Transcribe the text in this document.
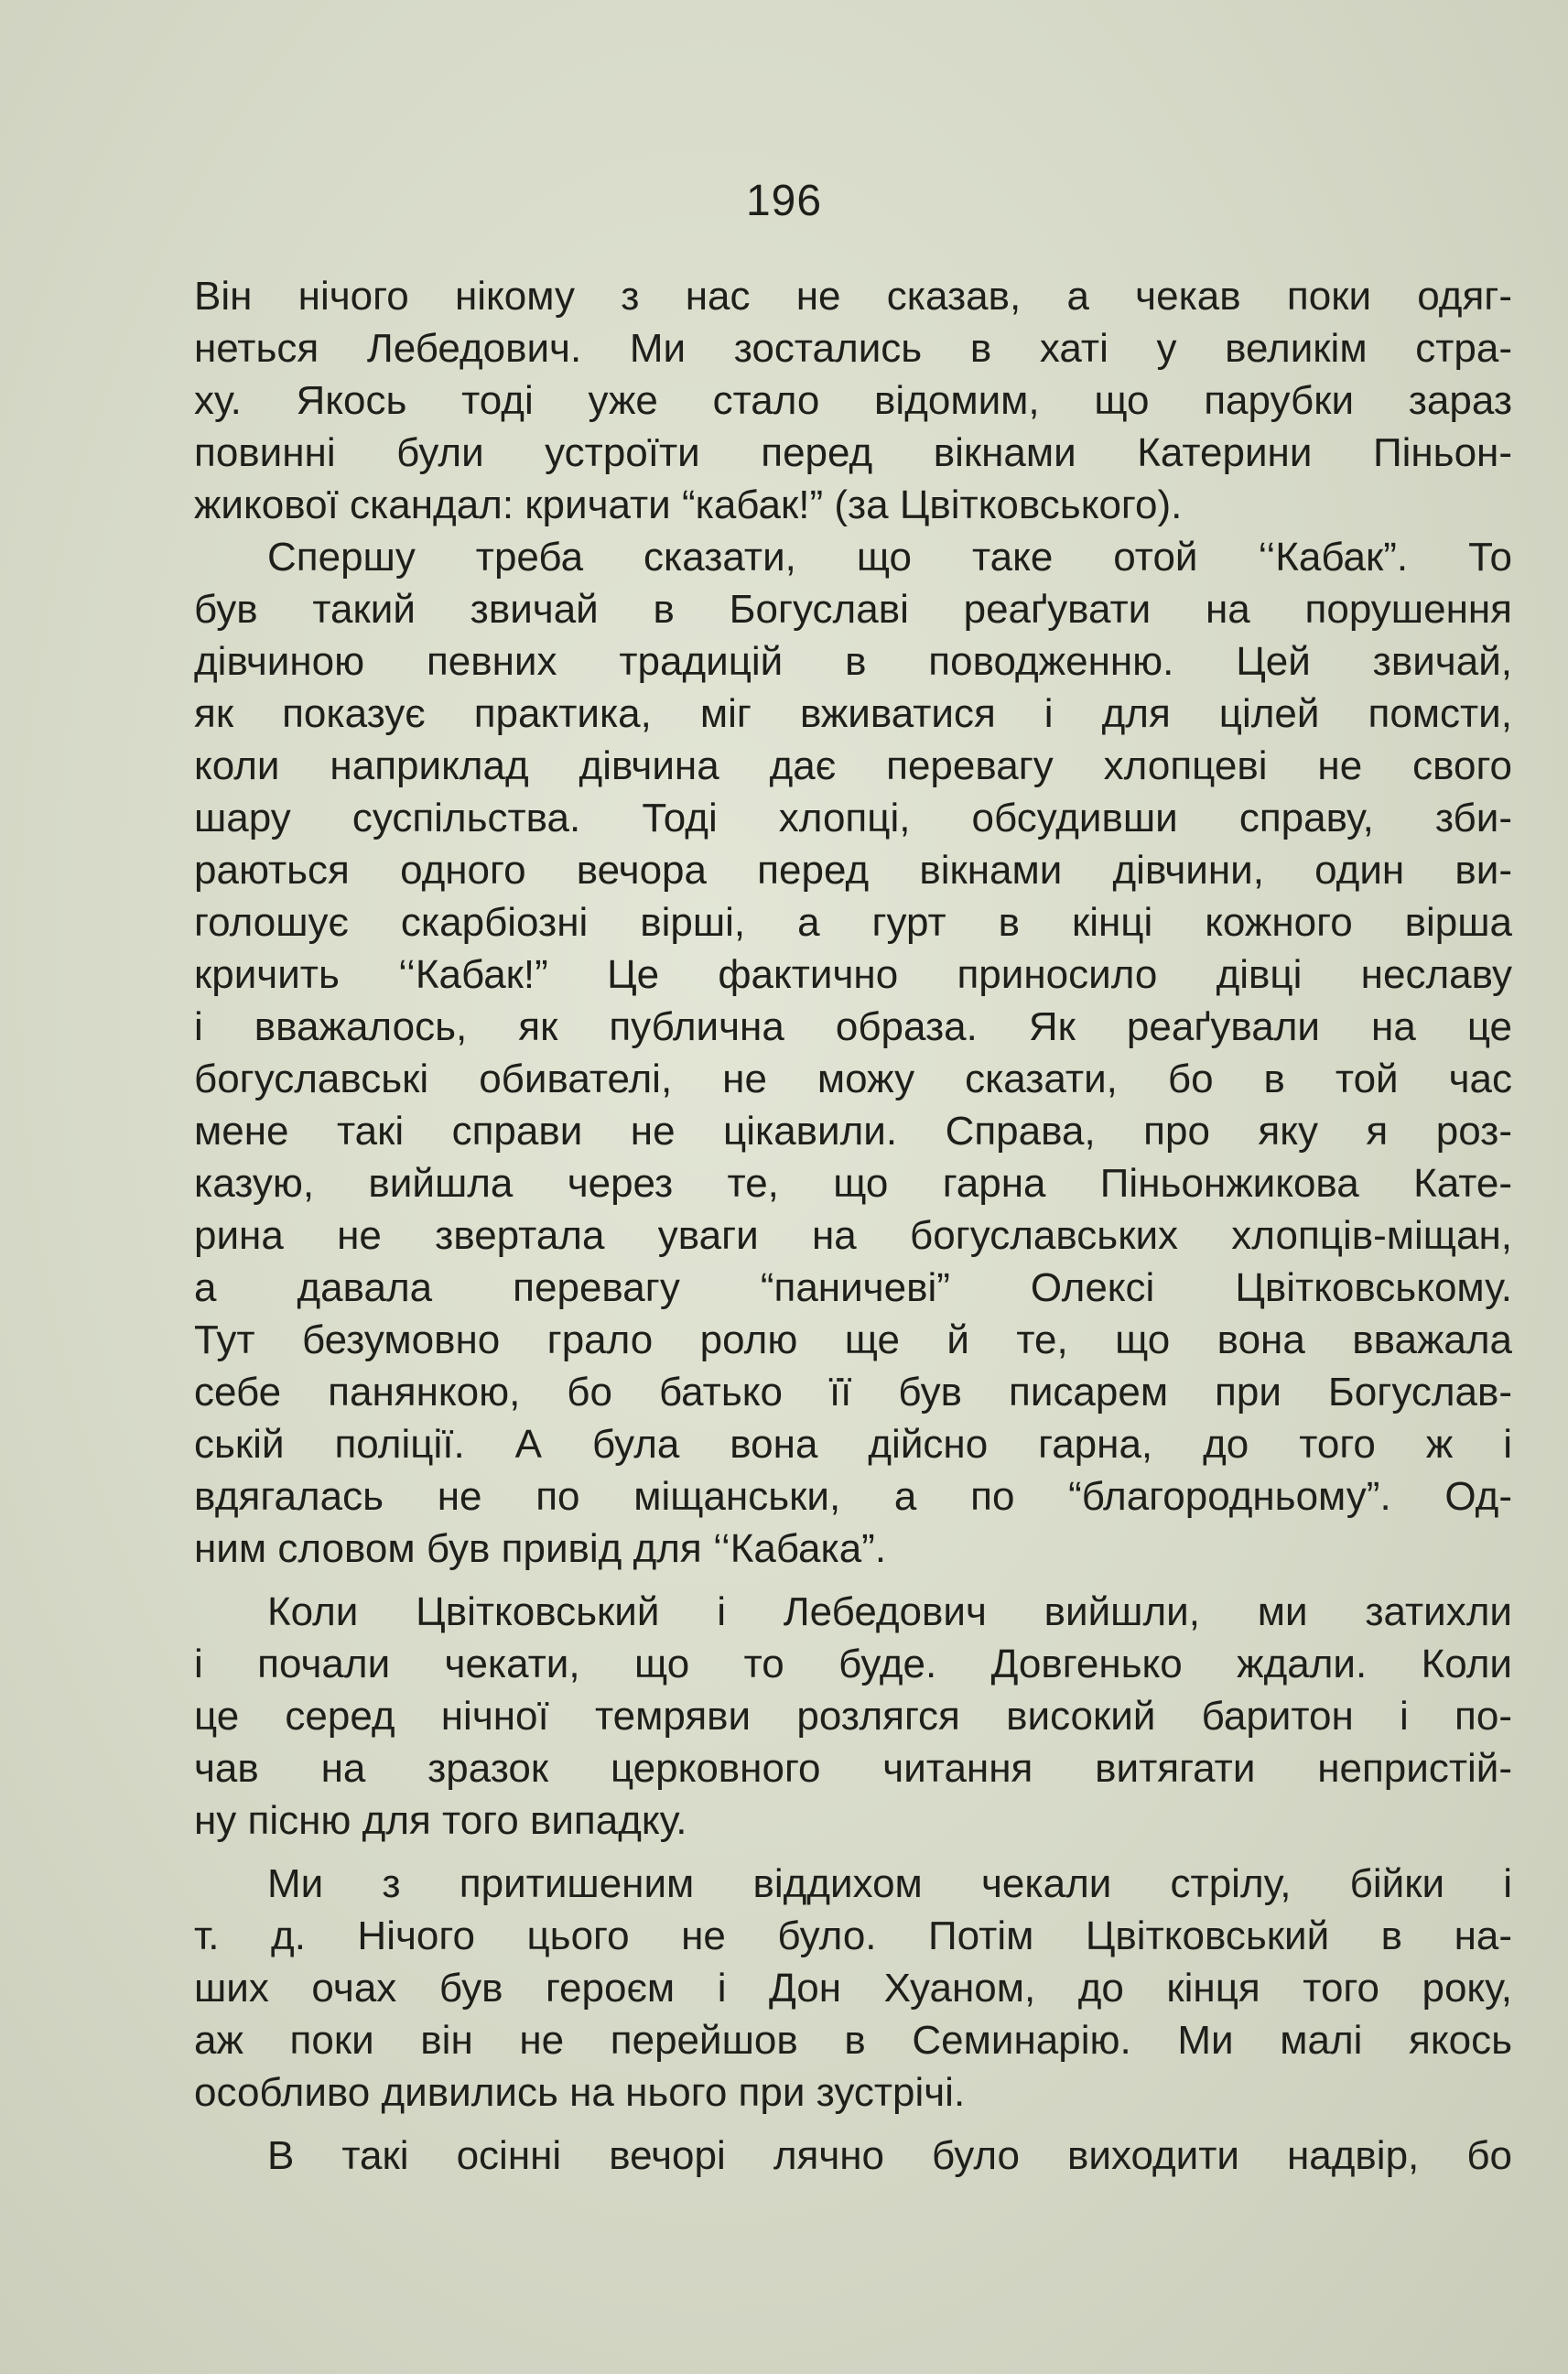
196
Він нічого нікому з нас не сказав, а чекав поки одяг-
неться Лебедович. Ми зостались в хаті у великім стра-
ху. Якось тоді уже стало відомим, що парубки зараз
повинні були устроїти перед вікнами Катерини Піньон-
жикової скандал: кричати “кабак!” (за Цвітковського).
Спершу треба сказати, що таке отой ‘‘Кабак”. То
був такий звичай в Богуславі реаґувати на порушення
дівчиною певних традицій в поводженню. Цей звичай,
як показує практика, міг вживатися і для цілей помсти,
коли наприклад дівчина дає перевагу хлопцеві не свого
шару суспільства. Тоді хлопці, обсудивши справу, зби-
раються одного вечора перед вікнами дівчини, один ви-
голошує скарбіозні вірші, а гурт в кінці кожного вірша
кричить ‘‘Кабак!” Це фактично приносило дівці неславу
і вважалось, як публична образа. Як реаґували на це
богуславські обивателі, не можу сказати, бо в той час
мене такі справи не цікавили. Справа, про яку я роз-
казую, вийшла через те, що гарна Піньонжикова Кате-
рина не звертала уваги на богуславських хлопців-міщан,
а давала перевагу “паничеві” Олексі Цвітковському.
Тут безумовно грало ролю ще й те, що вона вважала
себе панянкою, бо батько її був писарем при Богуслав-
ській поліції. А була вона дійсно гарна, до того ж і
вдягалась не по міщанськи, а по “благородньому”. Од-
ним словом був привід для ‘‘Кабака”.
Коли Цвітковський і Лебедович вийшли, ми затихли
і почали чекати, що то буде. Довгенько ждали. Коли
це серед нічної темряви розлягся високий баритон і по-
чав на зразок церковного читання витягати непристій-
ну пісню для того випадку.
Ми з притишеним віддихом чекали стрілу, бійки і
т. д. Нічого цього не було. Потім Цвітковський в на-
ших очах був героєм і Дон Хуаном, до кінця того року,
аж поки він не перейшов в Семинарію. Ми малі якось
особливо дивились на нього при зустрічі.
В такі осінні вечорі лячно було виходити надвір, бо
